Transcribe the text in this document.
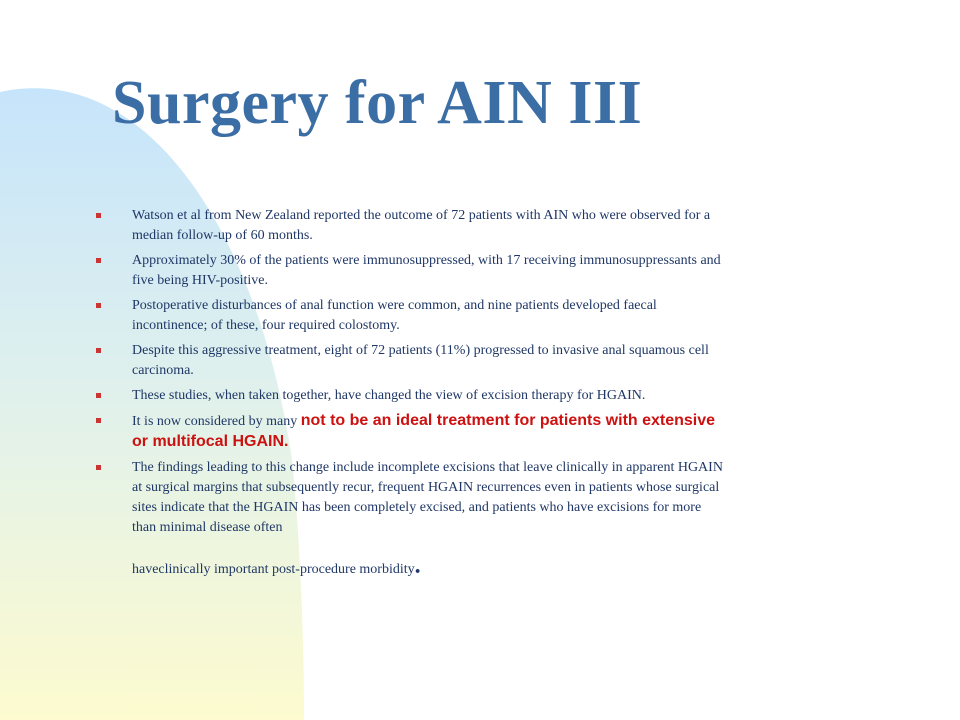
Surgery for AIN III
Watson et al from New Zealand reported the outcome of 72 patients with AIN who were observed for a median follow-up of 60 months.
Approximately 30% of the patients were immunosuppressed, with 17 receiving immunosuppressants and five being HIV-positive.
Postoperative disturbances of anal function were common, and nine patients developed faecal incontinence; of these, four required colostomy.
Despite this aggressive treatment, eight of 72 patients (11%) progressed to invasive anal squamous cell carcinoma.
These studies, when taken together, have changed the view of excision therapy for HGAIN.
It is now considered by many not to be an ideal treatment for patients with extensive or multifocal HGAIN.
The findings leading to this change include incomplete excisions that leave clinically in apparent HGAIN at surgical margins that subsequently recur, frequent HGAIN recurrences even in patients whose surgical sites indicate that the HGAIN has been completely excised, and patients who have excisions for more than minimal disease often
haveclinically important post-procedure morbidity.
